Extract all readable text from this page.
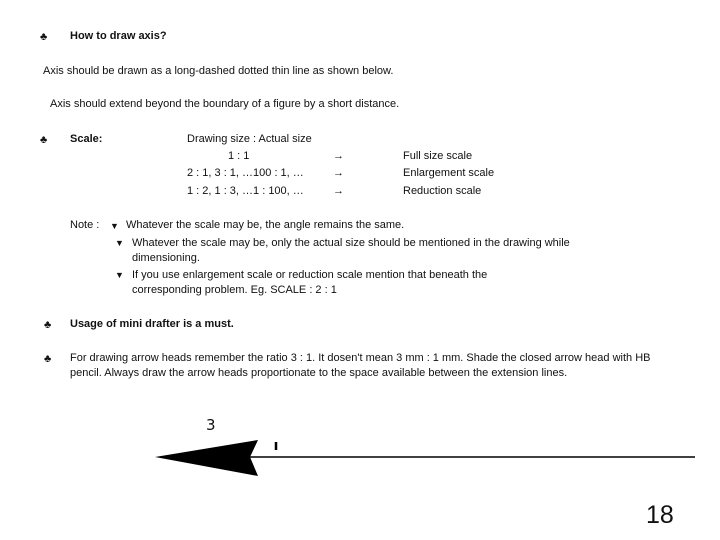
♣ How to draw axis?
Axis should be drawn as a long-dashed dotted thin line as shown below.
Axis should extend beyond the boundary of a figure by a short distance.
♣ Scale:	Drawing size : Actual size
1 : 1	→	Full size scale
2 : 1, 3 : 1, …100 : 1, …	→	Enlargement scale
1 : 2, 1 : 3, …1 : 100, …	→	Reduction scale
Note : ▼ Whatever the scale may be, the angle remains the same.
▼ Whatever the scale may be, only the actual size should be mentioned in the drawing while dimensioning.
▼ If you use enlargement scale or reduction scale mention that beneath the corresponding problem. Eg. SCALE : 2 : 1
♣ Usage of mini drafter is a must.
♣ For drawing arrow heads remember the ratio 3 : 1. It dosen't mean 3 mm : 1 mm. Shade the closed arrow head with HB pencil. Always draw the arrow heads proportionate to the space available between the extension lines.
3
18
